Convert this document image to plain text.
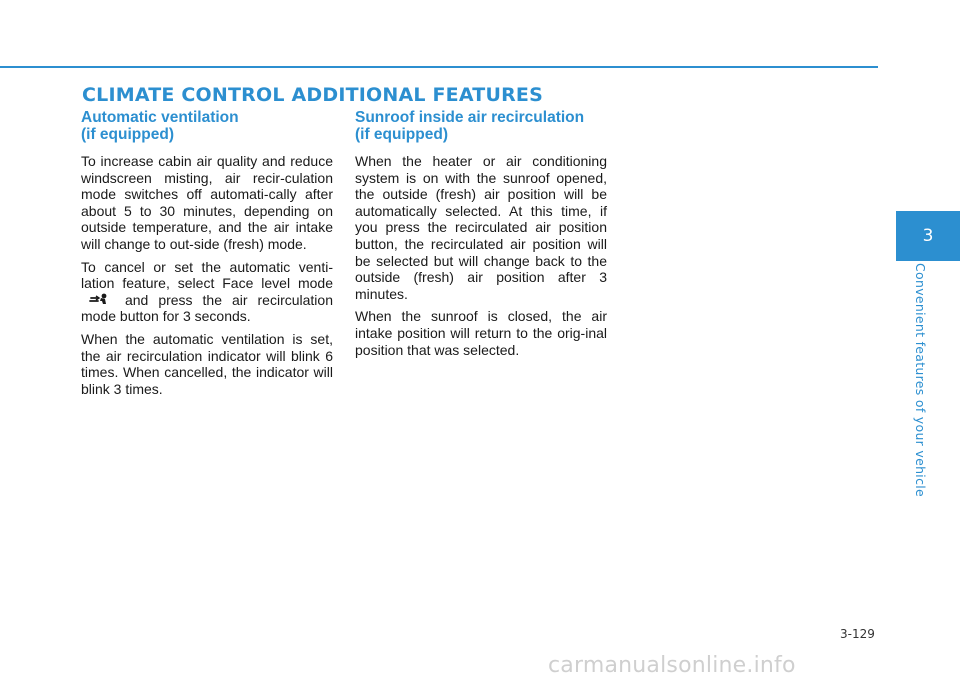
CLIMATE CONTROL ADDITIONAL FEATURES
Automatic ventilation
(if equipped)

To increase cabin air quality and reduce windscreen misting, air recir-culation mode switches off automati-cally after about 5 to 30 minutes, depending on outside temperature, and the air intake will change to out-side (fresh) mode.

To cancel or set the automatic venti-lation feature, select Face level mode  and press the air recirculation mode button for 3 seconds.

When the automatic ventilation is set, the air recirculation indicator will blink 6 times. When cancelled, the indicator will blink 3 times.

Sunroof inside air recirculation
(if equipped)

When the heater or air conditioning system is on with the sunroof opened, the outside (fresh) air position will be automatically selected. At this time, if you press the recirculated air position button, the recirculated air position will be selected but will change back to the outside (fresh) air position after 3 minutes.

When the sunroof is closed, the air intake position will return to the orig-inal position that was selected.

3
Convenient features of your vehicle
3-129
carmanualsonline.info
